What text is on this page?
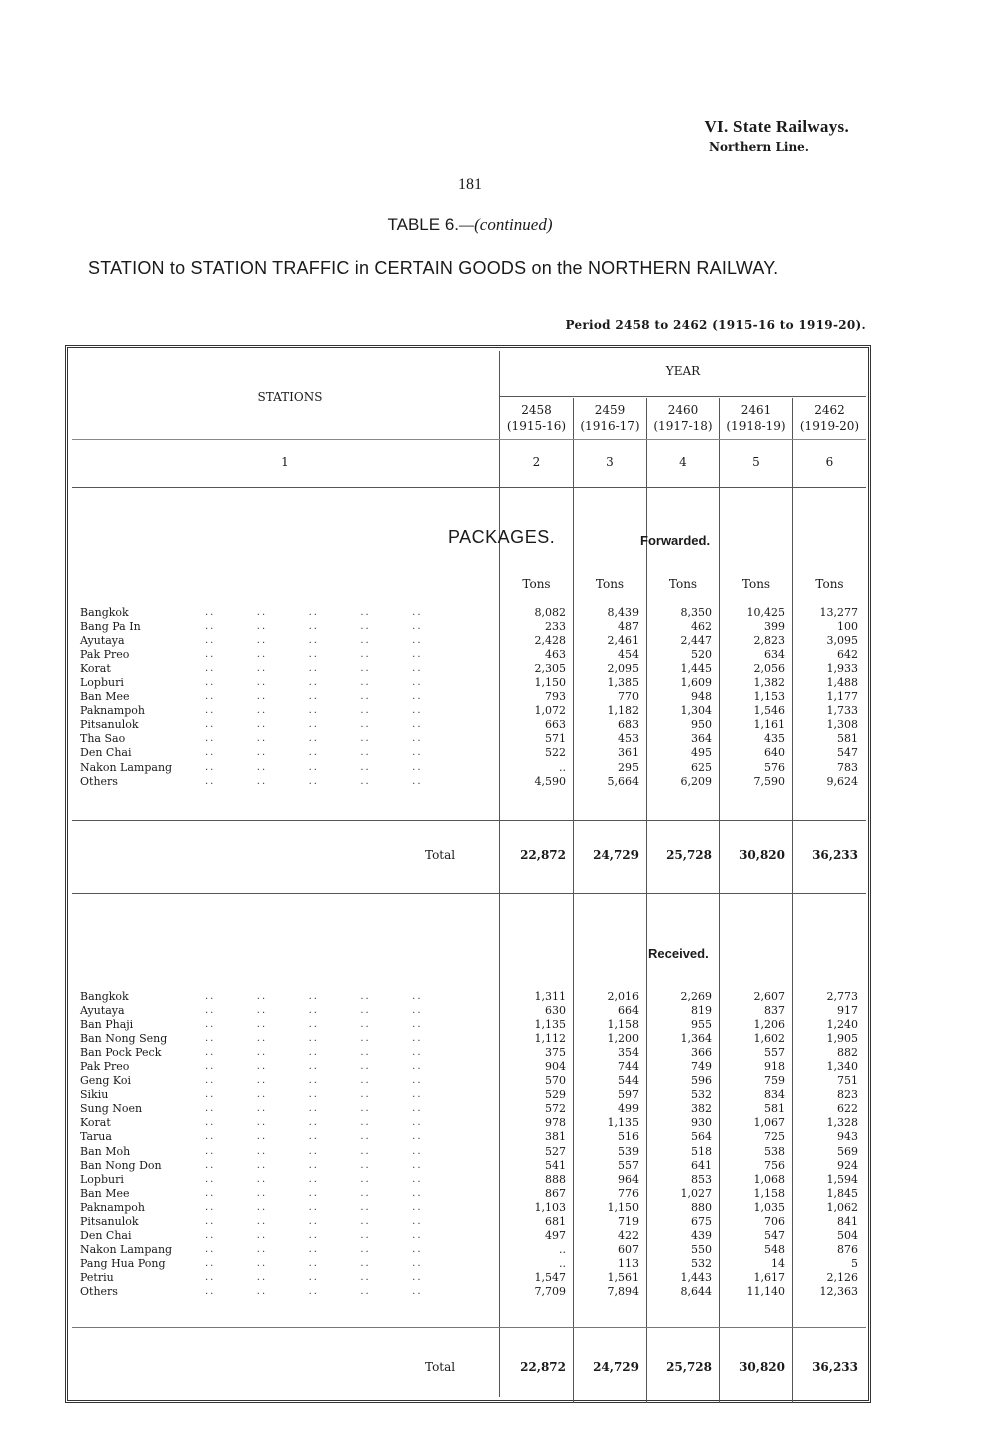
VI. State Railways.
Northern Line.
181
TABLE 6.—(continued)
STATION to STATION TRAFFIC in CERTAIN GOODS on the NORTHERN RAILWAY.
Period 2458 to 2462 (1915-16 to 1919-20).
STATIONS
YEAR
2458
(1915-16)
2459
(1916-17)
2460
(1917-18)
2461
(1918-19)
2462
(1919-20)
1	2	3	4	5	6
PACKAGES.	Forwarded.
Received.
Tons	Tons	Tons	Tons	Tons
Bangkok	..        ..        ..        ..        ..	8,082	8,439	8,350	10,425	13,277
Bang Pa In	..        ..        ..        ..        ..	233	487	462	399	100
Ayutaya	..        ..        ..        ..        ..	2,428	2,461	2,447	2,823	3,095
Pak Preo	..        ..        ..        ..        ..	463	454	520	634	642
Korat	..        ..        ..        ..        ..	2,305	2,095	1,445	2,056	1,933
Lopburi	..        ..        ..        ..        ..	1,150	1,385	1,609	1,382	1,488
Ban Mee	..        ..        ..        ..        ..	793	770	948	1,153	1,177
Paknampoh	..        ..        ..        ..        ..	1,072	1,182	1,304	1,546	1,733
Pitsanulok	..        ..        ..        ..        ..	663	683	950	1,161	1,308
Tha Sao	..        ..        ..        ..        ..	571	453	364	435	581
Den Chai	..        ..        ..        ..        ..	522	361	495	640	547
Nakon Lampang	..        ..        ..        ..        ..	..	295	625	576	783
Others	..        ..        ..        ..        ..	4,590	5,664	6,209	7,590	9,624
Total	22,872	24,729	25,728	30,820	36,233
Bangkok	..        ..        ..        ..        ..	1,311	2,016	2,269	2,607	2,773
Ayutaya	..        ..        ..        ..        ..	630	664	819	837	917
Ban Phaji	..        ..        ..        ..        ..	1,135	1,158	955	1,206	1,240
Ban Nong Seng	..        ..        ..        ..        ..	1,112	1,200	1,364	1,602	1,905
Ban Pock Peck	..        ..        ..        ..        ..	375	354	366	557	882
Pak Preo	..        ..        ..        ..        ..	904	744	749	918	1,340
Geng Koi	..        ..        ..        ..        ..	570	544	596	759	751
Sikiu	..        ..        ..        ..        ..	529	597	532	834	823
Sung Noen	..        ..        ..        ..        ..	572	499	382	581	622
Korat	..        ..        ..        ..        ..	978	1,135	930	1,067	1,328
Tarua	..        ..        ..        ..        ..	381	516	564	725	943
Ban Moh	..        ..        ..        ..        ..	527	539	518	538	569
Ban Nong Don	..        ..        ..        ..        ..	541	557	641	756	924
Lopburi	..        ..        ..        ..        ..	888	964	853	1,068	1,594
Ban Mee	..        ..        ..        ..        ..	867	776	1,027	1,158	1,845
Paknampoh	..        ..        ..        ..        ..	1,103	1,150	880	1,035	1,062
Pitsanulok	..        ..        ..        ..        ..	681	719	675	706	841
Den Chai	..        ..        ..        ..        ..	497	422	439	547	504
Nakon Lampang	..        ..        ..        ..        ..	..	607	550	548	876
Pang Hua Pong	..        ..        ..        ..        ..	..	113	532	14	5
Petriu	..        ..        ..        ..        ..	1,547	1,561	1,443	1,617	2,126
Others	..        ..        ..        ..        ..	7,709	7,894	8,644	11,140	12,363
Total	22,872	24,729	25,728	30,820	36,233
